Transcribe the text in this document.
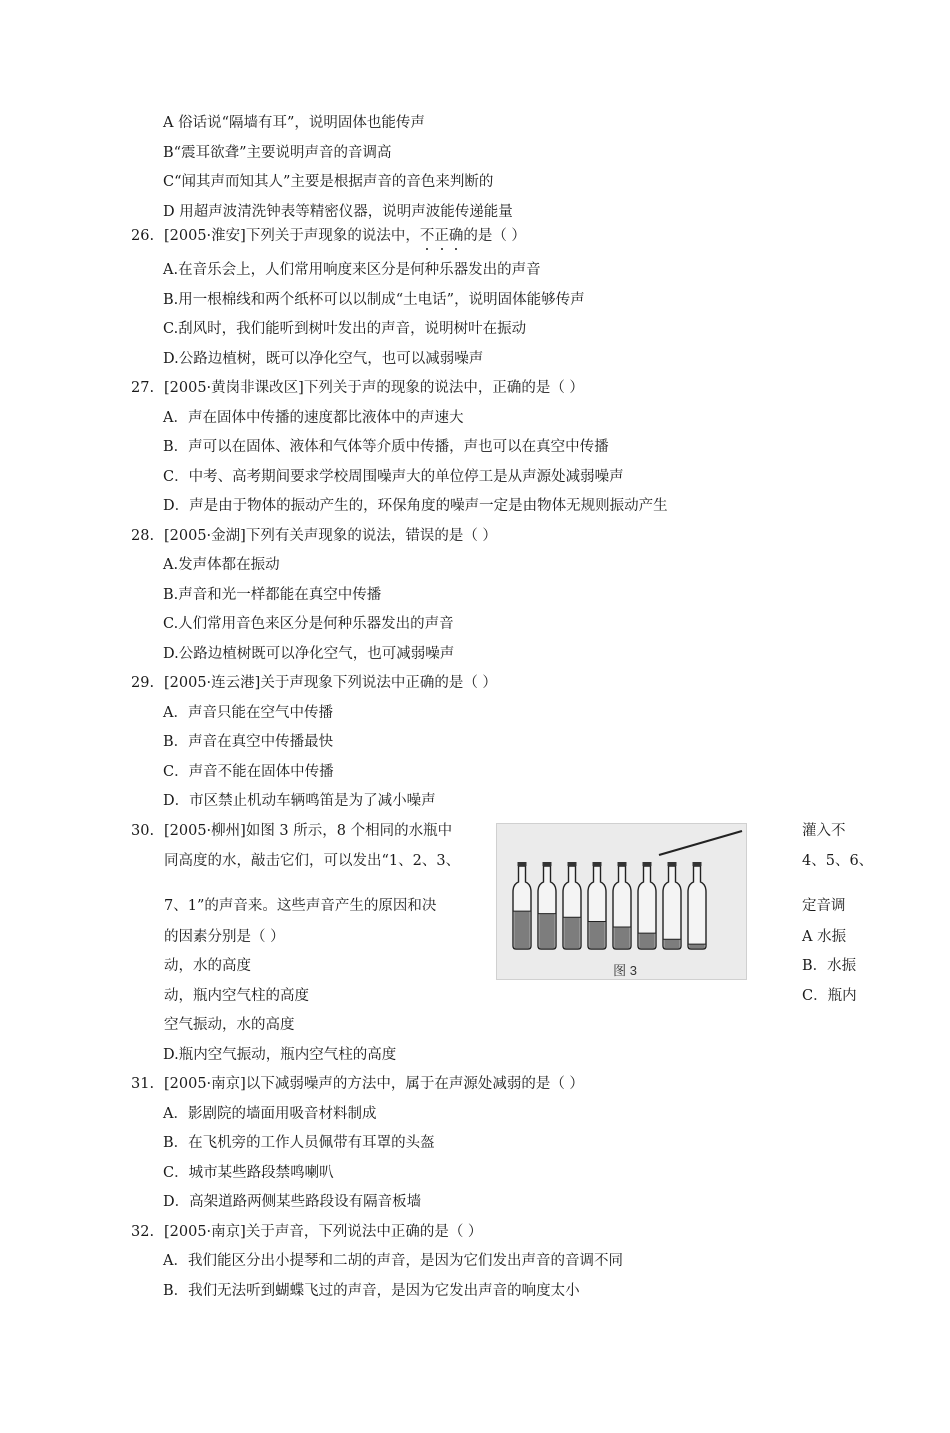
A 俗话说“隔墙有耳”，说明固体也能传声
B“震耳欲聋”主要说明声音的音调高
C“闻其声而知其人”主要是根据声音的音色来判断的
D 用超声波清洗钟表等精密仪器，说明声波能传递能量
26. [2005·淮安]下列关于声现象的说法中，不正确的是（ ）
A.在音乐会上，人们常用响度来区分是何种乐器发出的声音
B.用一根棉线和两个纸杯可以以制成“土电话”，说明固体能够传声
C.刮风时，我们能听到树叶发出的声音，说明树叶在振动
D.公路边植树，既可以净化空气，也可以减弱噪声
27. [2005·黄岗非课改区]下列关于声的现象的说法中，正确的是（ ）
A．声在固体中传播的速度都比液体中的声速大
B．声可以在固体、液体和气体等介质中传播，声也可以在真空中传播
C．中考、高考期间要求学校周围噪声大的单位停工是从声源处减弱噪声
D．声是由于物体的振动产生的，环保角度的噪声一定是由物体无规则振动产生
28. [2005·金湖]下列有关声现象的说法，错误的是（ ）
A.发声体都在振动
B.声音和光一样都能在真空中传播
C.人们常用音色来区分是何种乐器发出的声音
D.公路边植树既可以净化空气，也可减弱噪声
29. [2005·连云港]关于声现象下列说法中正确的是（ ）
A．声音只能在空气中传播
B．声音在真空中传播最快
C．声音不能在固体中传播
D．市区禁止机动车辆鸣笛是为了减小噪声
30. [2005·柳州]如图 3 所示，8 个相同的水瓶中	灌入不
同高度的水，敲击它们，可以发出“1、2、3、	4、5、6、
7、1”的声音来。这些声音产生的原因和决	定音调
的因素分别是（ ）	A 水振
动，水的高度	B．水振
动，瓶内空气柱的高度	C．瓶内
空气振动，水的高度
D.瓶内空气振动，瓶内空气柱的高度
图 3
31. [2005·南京]以下减弱噪声的方法中，属于在声源处减弱的是（ ）
A．影剧院的墙面用吸音材料制成
B．在飞机旁的工作人员佩带有耳罩的头盔
C．城市某些路段禁鸣喇叭
D．高架道路两侧某些路段设有隔音板墙
32. [2005·南京]关于声音，下列说法中正确的是（ ）
A．我们能区分出小提琴和二胡的声音，是因为它们发出声音的音调不同
B．我们无法听到蝴蝶飞过的声音，是因为它发出声音的响度太小
